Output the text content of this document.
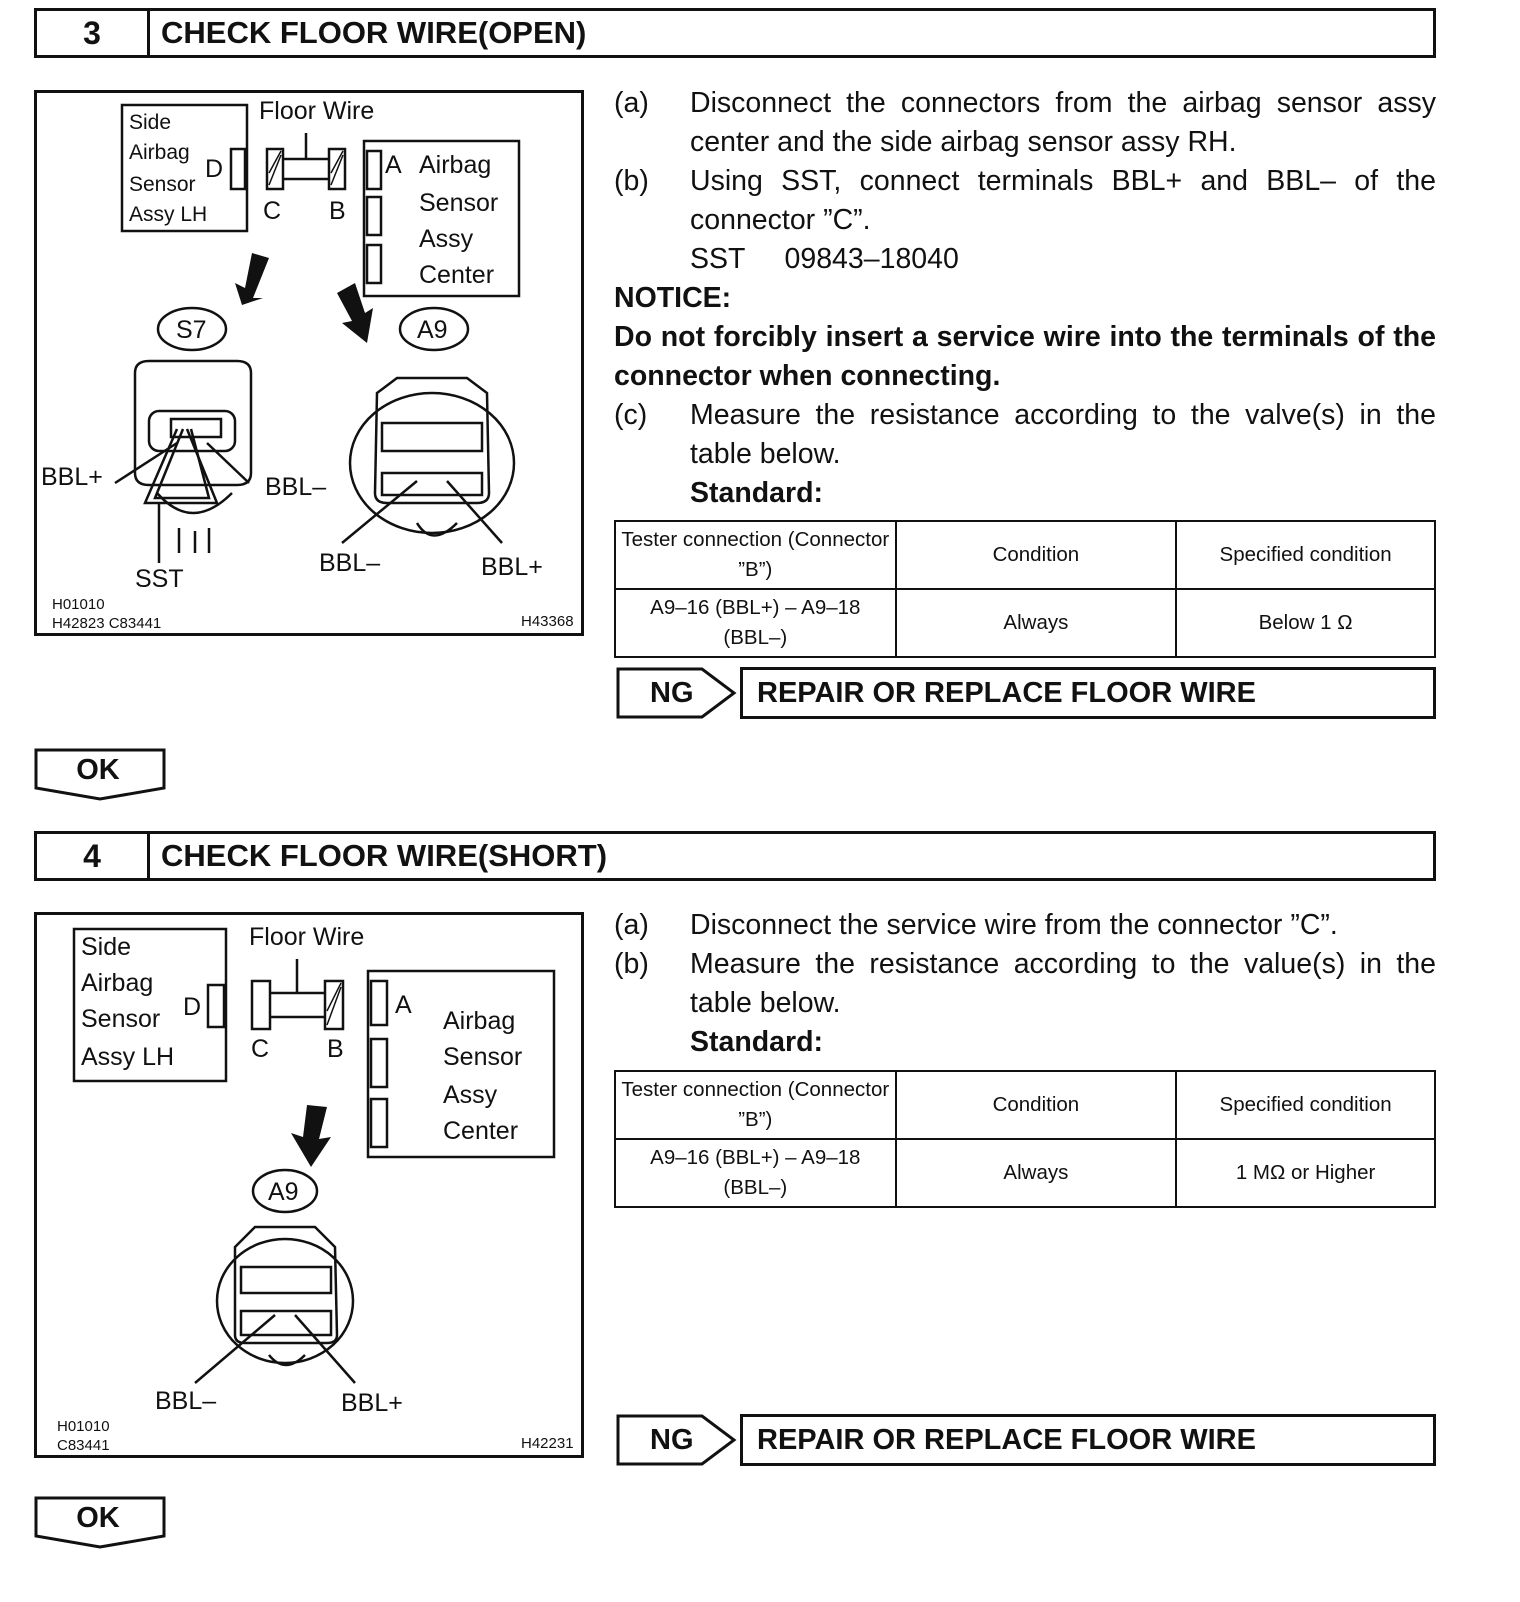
3	CHECK FLOOR WIRE(OPEN)
Side
Airbag
Sensor
Assy LH
D
Floor Wire
C B
A Airbag
Sensor
Assy
Center
S7	A9
BBL+	BBL–
SST
BBL–	BBL+
H01010
H42823 C83441	H43368
(a) Disconnect the connectors from the airbag sensor assy center and the side airbag sensor assy RH.
(b) Using SST, connect terminals BBL+ and BBL– of the connector ”C”.
SST     09843–18040
NOTICE:
Do not forcibly insert a service wire into the terminals of the connector when connecting.
(c) Measure the resistance according to the valve(s) in the table below.
Standard:
Tester connection (Connector ”B”)	Condition	Specified condition
A9–16 (BBL+) – A9–18 (BBL–)	Always	Below 1 Ω
NG	REPAIR OR REPLACE FLOOR WIRE
OK
4	CHECK FLOOR WIRE(SHORT)
Side
Airbag
Sensor
Assy LH
D
Floor Wire
C B
A
Airbag
Sensor
Assy
Center
A9
BBL–	BBL+
H01010
C83441	H42231
(a) Disconnect the service wire from the connector ”C”.
(b) Measure the resistance according to the value(s) in the table below.
Standard:
Tester connection (Connector ”B”)	Condition	Specified condition
A9–16 (BBL+) – A9–18 (BBL–)	Always	1 MΩ or Higher
NG	REPAIR OR REPLACE FLOOR WIRE
OK
